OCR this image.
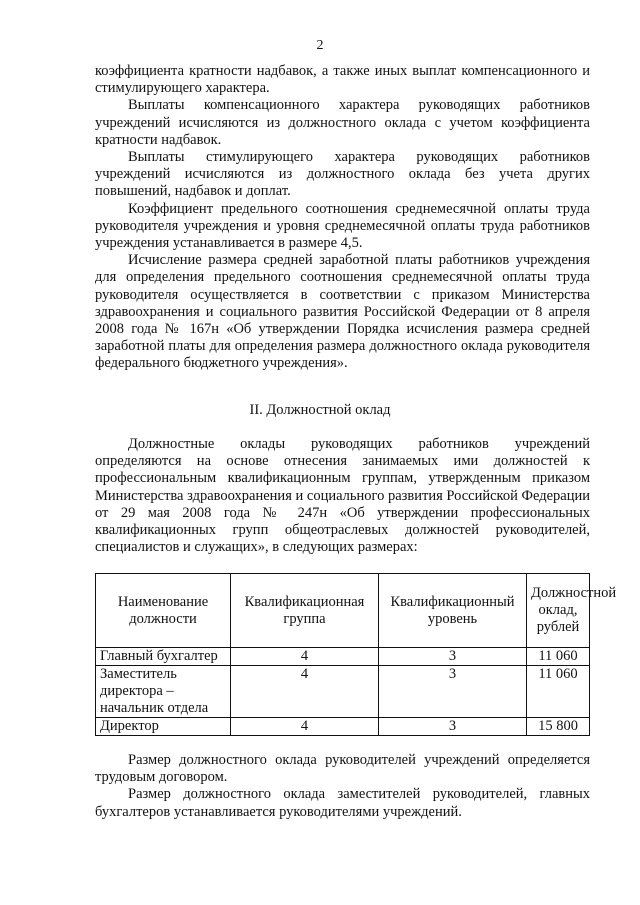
2

коэффициента кратности надбавок, а также иных выплат компенсационного и стимулирующего характера.

Выплаты компенсационного характера руководящих работников учреждений исчисляются из должностного оклада с учетом коэффициента кратности надбавок.

Выплаты стимулирующего характера руководящих работников учреждений исчисляются из должностного оклада без учета других повышений, надбавок и доплат.

Коэффициент предельного соотношения среднемесячной оплаты труда руководителя учреждения и уровня среднемесячной оплаты труда работников учреждения устанавливается в размере 4,5.

Исчисление размера средней заработной платы работников учреждения для определения предельного соотношения среднемесячной оплаты труда руководителя осуществляется в соответствии с приказом Министерства здравоохранения и социального развития Российской Федерации от 8 апреля 2008 года № 167н «Об утверждении Порядка исчисления размера средней заработной платы для определения размера должностного оклада руководителя федерального бюджетного учреждения».

II. Должностной оклад

Должностные оклады руководящих работников учреждений определяются на основе отнесения занимаемых ими должностей к профессиональным квалификационным группам, утвержденным приказом Министерства здравоохранения и социального развития Российской Федерации от 29 мая 2008 года № 247н «Об утверждении профессиональных квалификационных групп общеотраслевых должностей руководителей, специалистов и служащих», в следующих размерах:

Наименование должности	Квалификационная группа	Квалификационный уровень	Должностной оклад, рублей
Главный бухгалтер	4	3	11 060
Заместитель директора – начальник отдела	4	3	11 060
Директор	4	3	15 800

Размер должностного оклада руководителей учреждений определяется трудовым договором.

Размер должностного оклада заместителей руководителей, главных бухгалтеров устанавливается руководителями учреждений.
